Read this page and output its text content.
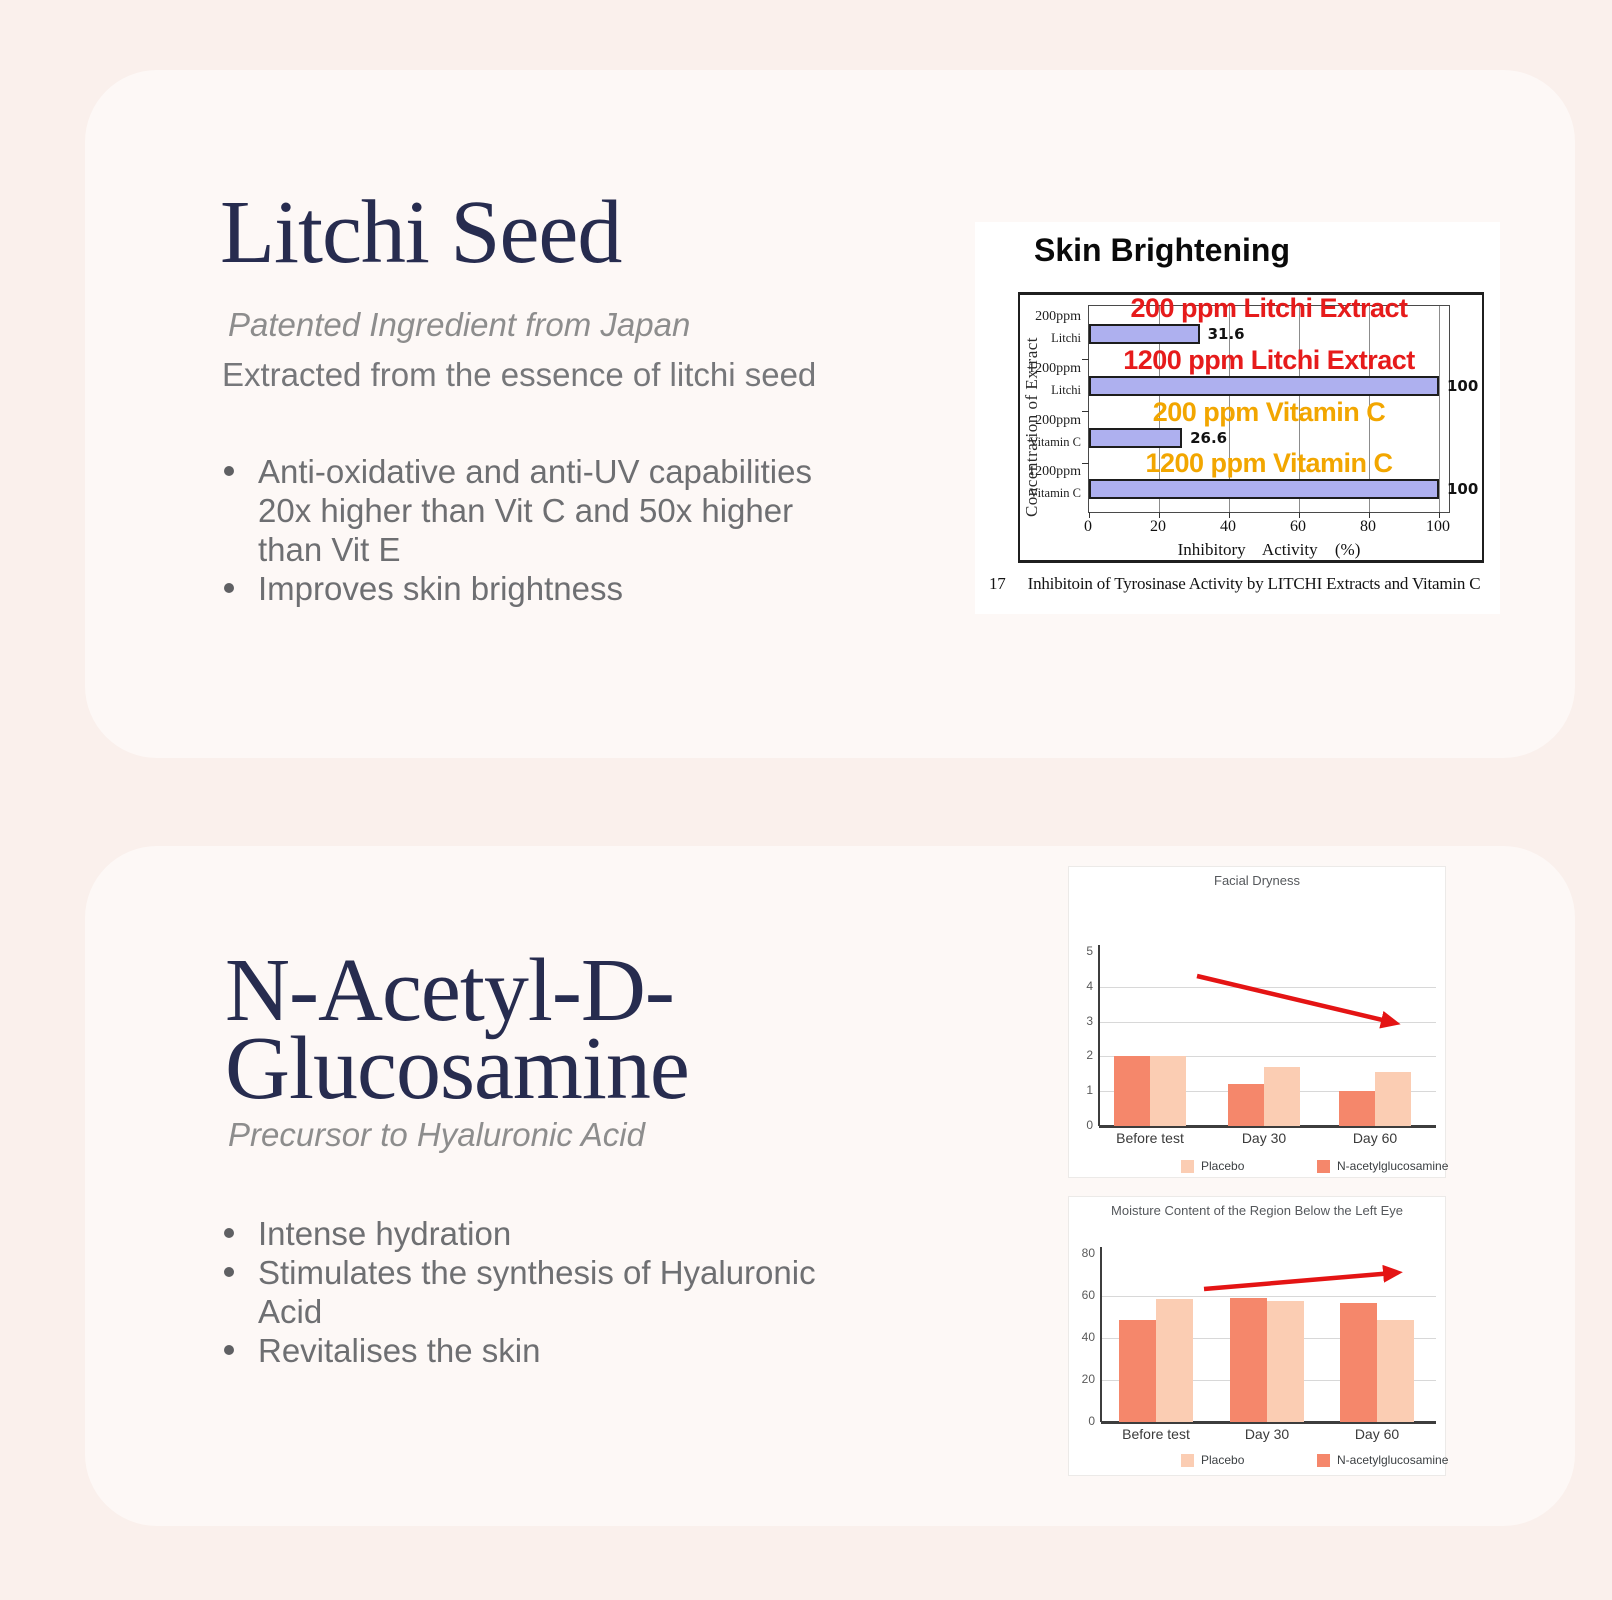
Litchi Seed

Patented Ingredient from Japan

Extracted from the essence of litchi seed

Anti-oxidative and anti-UV capabilities 20x higher than Vit C and 50x higher than Vit E
Improves skin brightness
Skin Brightening
200ppm
Litchi
1200ppm
Litchi
200ppm
Vitamin C
1200ppm
Vitamin C
Concentration of Extract
200 ppm Litchi Extract
31.6
1200 ppm Litchi Extract
100
200 ppm Vitamin C
26.6
1200 ppm Vitamin C
100
0	20	40	60	80	100
Inhibitory Activity (%)
17 Inhibitoin of Tyrosinase Activity by LITCHI Extracts and Vitamin C
N-Acetyl-D-
Glucosamine

Precursor to Hyaluronic Acid

Intense hydration
Stimulates the synthesis of Hyaluronic Acid
Revitalises the skin
Facial Dryness
5
4
3
2
1
0
Before test	Day 30	Day 60
Placebo	N-acetylglucosamine
Moisture Content of the Region Below the Left Eye
80
60
40
20
0
Before test	Day 30	Day 60
Placebo	N-acetylglucosamine
